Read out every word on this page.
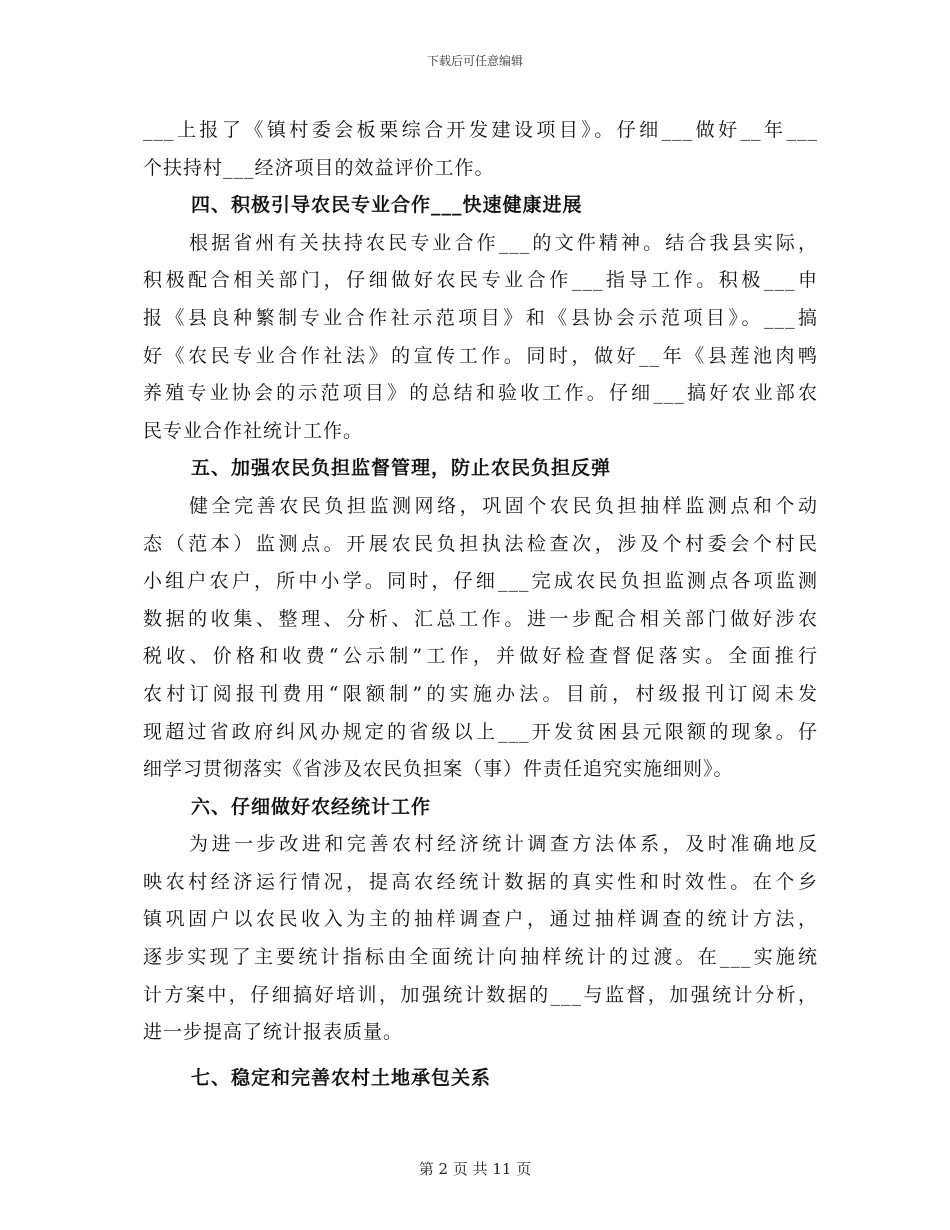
下载后可任意编辑
___上报了《镇村委会板栗综合开发建设项目》。仔细___做好__年___
个扶持村___经济项目的效益评价工作。
四、积极引导农民专业合作___快速健康进展
根据省州有关扶持农民专业合作___的文件精神。结合我县实际，
积极配合相关部门，仔细做好农民专业合作___指导工作。积极___申
报《县良种繁制专业合作社示范项目》和《县协会示范项目》。___搞
好《农民专业合作社法》的宣传工作。同时，做好__年《县莲池肉鸭
养殖专业协会的示范项目》的总结和验收工作。仔细___搞好农业部农
民专业合作社统计工作。
五、加强农民负担监督管理，防止农民负担反弹
健全完善农民负担监测网络，巩固个农民负担抽样监测点和个动
态（范本）监测点。开展农民负担执法检查次，涉及个村委会个村民
小组户农户，所中小学。同时，仔细___完成农民负担监测点各项监测
数据的收集、整理、分析、汇总工作。进一步配合相关部门做好涉农
税收、价格和收费“公示制”工作，并做好检查督促落实。全面推行
农村订阅报刊费用“限额制”的实施办法。目前，村级报刊订阅未发
现超过省政府纠风办规定的省级以上___开发贫困县元限额的现象。仔
细学习贯彻落实《省涉及农民负担案（事）件责任追究实施细则》。
六、仔细做好农经统计工作
为进一步改进和完善农村经济统计调查方法体系，及时准确地反
映农村经济运行情况，提高农经统计数据的真实性和时效性。在个乡
镇巩固户以农民收入为主的抽样调查户，通过抽样调查的统计方法，
逐步实现了主要统计指标由全面统计向抽样统计的过渡。在___实施统
计方案中，仔细搞好培训，加强统计数据的___与监督，加强统计分析，
进一步提高了统计报表质量。
七、稳定和完善农村土地承包关系
第 2 页 共 11 页
